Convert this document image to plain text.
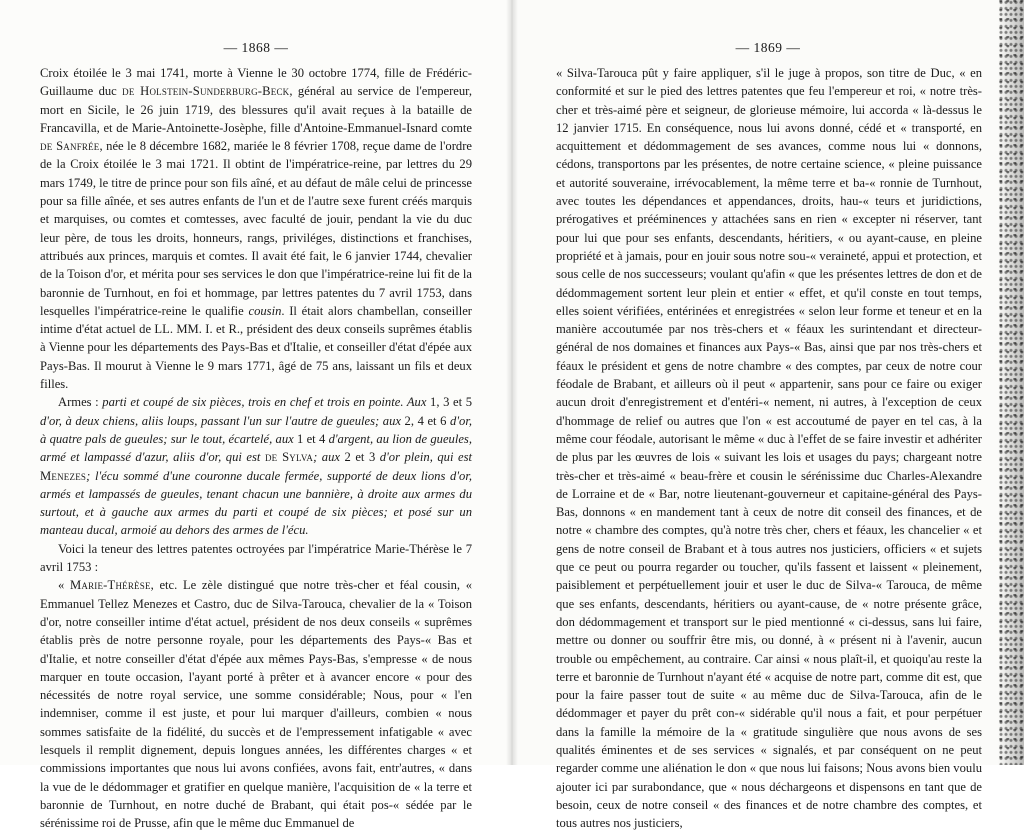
— 1868 —

Croix étoilée le 3 mai 1741, morte à Vienne le 30 octobre 1774, fille de Frédéric-Guillaume duc de Holstein-Sunderburg-Beck, général au service de l'empereur, mort en Sicile, le 26 juin 1719, des blessures qu'il avait reçues à la bataille de Francavilla, et de Marie-Antoinette-Josèphe, fille d'Antoine-Emmanuel-Isnard comte de Sanfrée, née le 8 décembre 1682, mariée le 8 février 1708, reçue dame de l'ordre de la Croix étoilée le 3 mai 1721. Il obtint de l'impératrice-reine, par lettres du 29 mars 1749, le titre de prince pour son fils aîné, et au défaut de mâle celui de princesse pour sa fille aînée, et ses autres enfants de l'un et de l'autre sexe furent créés marquis et marquises, ou comtes et comtesses, avec faculté de jouir, pendant la vie du duc leur père, de tous les droits, honneurs, rangs, priviléges, distinctions et franchises, attribués aux princes, marquis et comtes. Il avait été fait, le 6 janvier 1744, chevalier de la Toison d'or, et mérita pour ses services le don que l'impératrice-reine lui fit de la baronnie de Turnhout, en foi et hommage, par lettres patentes du 7 avril 1753, dans lesquelles l'impératrice-reine le qualifie cousin. Il était alors chambellan, conseiller intime d'état actuel de LL. MM. I. et R., président des deux conseils suprêmes établis à Vienne pour les départements des Pays-Bas et d'Italie, et conseiller d'état d'épée aux Pays-Bas. Il mourut à Vienne le 9 mars 1771, âgé de 75 ans, laissant un fils et deux filles.

Armes : parti et coupé de six pièces, trois en chef et trois en pointe. Aux 1, 3 et 5 d'or, à deux chiens, aliis loups, passant l'un sur l'autre de gueules; aux 2, 4 et 6 d'or, à quatre pals de gueules; sur le tout, écartelé, aux 1 et 4 d'argent, au lion de gueules, armé et lampassé d'azur, aliis d'or, qui est de Sylva; aux 2 et 3 d'or plein, qui est Menezes; l'écu sommé d'une couronne ducale fermée, supporté de deux lions d'or, armés et lampassés de gueules, tenant chacun une bannière, à droite aux armes du surtout, et à gauche aux armes du parti et coupé de six pièces; et posé sur un manteau ducal, armoié au dehors des armes de l'écu.

Voici la teneur des lettres patentes octroyées par l'impératrice Marie-Thérèse le 7 avril 1753 :

« Marie-Thérèse, etc. Le zèle distingué que notre très-cher et féal cousin, « Emmanuel Tellez Menezes et Castro, duc de Silva-Tarouca, chevalier de la « Toison d'or, notre conseiller intime d'état actuel, président de nos deux conseils « suprêmes établis près de notre personne royale, pour les départements des Pays-« Bas et d'Italie, et notre conseiller d'état d'épée aux mêmes Pays-Bas, s'empresse « de nous marquer en toute occasion, l'ayant porté à prêter et à avancer encore « pour des nécessités de notre royal service, une somme considérable; Nous, pour « l'en indemniser, comme il est juste, et pour lui marquer d'ailleurs, combien « nous sommes satisfaite de la fidélité, du succès et de l'empressement infatigable « avec lesquels il remplit dignement, depuis longues années, les différentes charges « et commissions importantes que nous lui avons confiées, avons fait, entr'autres, « dans la vue de le dédommager et gratifier en quelque manière, l'acquisition de « la terre et baronnie de Turnhout, en notre duché de Brabant, qui était pos-« sédée par le sérénissime roi de Prusse, afin que le même duc Emmanuel de

— 1869 —

« Silva-Tarouca pût y faire appliquer, s'il le juge à propos, son titre de Duc, « en conformité et sur le pied des lettres patentes que feu l'empereur et roi, « notre très-cher et très-aimé père et seigneur, de glorieuse mémoire, lui accorda « là-dessus le 12 janvier 1715. En conséquence, nous lui avons donné, cédé et « transporté, en acquittement et dédommagement de ses avances, comme nous lui « donnons, cédons, transportons par les présentes, de notre certaine science, « pleine puissance et autorité souveraine, irrévocablement, la même terre et ba-« ronnie de Turnhout, avec toutes les dépendances et appendances, droits, hau-« teurs et juridictions, prérogatives et prééminences y attachées sans en rien « excepter ni réserver, tant pour lui que pour ses enfants, descendants, héritiers, « ou ayant-cause, en pleine propriété et à jamais, pour en jouir sous notre sou-« veraineté, appui et protection, et sous celle de nos successeurs; voulant qu'afin « que les présentes lettres de don et de dédommagement sortent leur plein et entier « effet, et qu'il conste en tout temps, elles soient vérifiées, entérinées et enregistrées « selon leur forme et teneur et en la manière accoutumée par nos très-chers et « féaux les surintendant et directeur-général de nos domaines et finances aux Pays-« Bas, ainsi que par nos très-chers et féaux le président et gens de notre chambre « des comptes, par ceux de notre cour féodale de Brabant, et ailleurs où il peut « appartenir, sans pour ce faire ou exiger aucun droit d'enregistrement et d'entéri-« nement, ni autres, à l'exception de ceux d'hommage de relief ou autres que l'on « est accoutumé de payer en tel cas, à la même cour féodale, autorisant le même « duc à l'effet de se faire investir et adhériter de plus par les œuvres de lois « suivant les lois et usages du pays; chargeant notre très-cher et très-aimé « beau-frère et cousin le sérénissime duc Charles-Alexandre de Lorraine et de « Bar, notre lieutenant-gouverneur et capitaine-général des Pays-Bas, donnons « en mandement tant à ceux de notre dit conseil des finances, et de notre « chambre des comptes, qu'à notre très cher, chers et féaux, les chancelier « et gens de notre conseil de Brabant et à tous autres nos justiciers, officiers « et sujets que ce peut ou pourra regarder ou toucher, qu'ils fassent et laissent « pleinement, paisiblement et perpétuellement jouir et user le duc de Silva-« Tarouca, de même que ses enfants, descendants, héritiers ou ayant-cause, de « notre présente grâce, don dédommagement et transport sur le pied mentionné « ci-dessus, sans lui faire, mettre ou donner ou souffrir être mis, ou donné, à « présent ni à l'avenir, aucun trouble ou empêchement, au contraire. Car ainsi « nous plaît-il, et quoiqu'au reste la terre et baronnie de Turnhout n'ayant été « acquise de notre part, comme dit est, que pour la faire passer tout de suite « au même duc de Silva-Tarouca, afin de le dédommager et payer du prêt con-« sidérable qu'il nous a fait, et pour perpétuer dans la famille la mémoire de la « gratitude singulière que nous avons de ses qualités éminentes et de ses services « signalés, et par conséquent on ne peut regarder comme une aliénation le don « que nous lui faisons; Nous avons bien voulu ajouter ici par surabondance, que « nous déchargeons et dispensons en tant que de besoin, ceux de notre conseil « des finances et de notre chambre des comptes, et tous autres nos justiciers,
